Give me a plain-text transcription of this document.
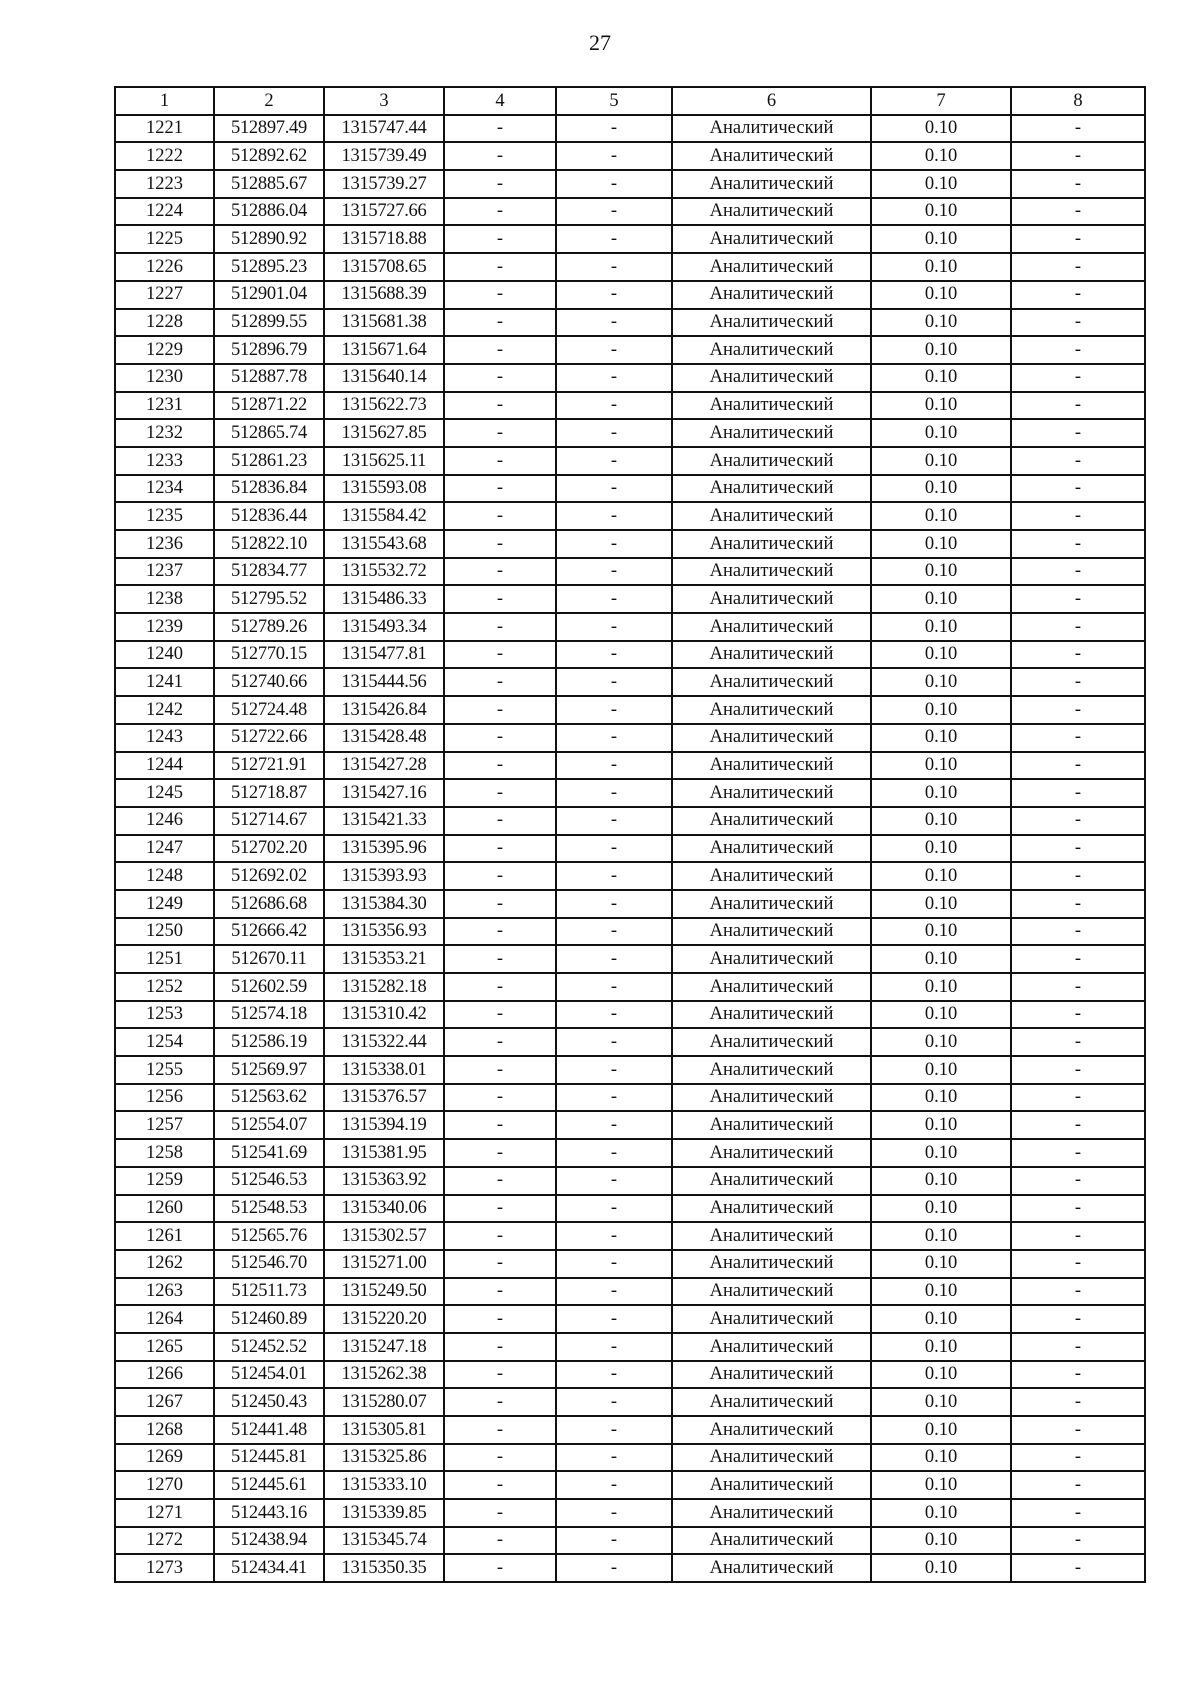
27
1	2	3	4	5	6	7	8
1221	512897.49	1315747.44	-	-	Аналитический	0.10	-
1222	512892.62	1315739.49	-	-	Аналитический	0.10	-
1223	512885.67	1315739.27	-	-	Аналитический	0.10	-
1224	512886.04	1315727.66	-	-	Аналитический	0.10	-
1225	512890.92	1315718.88	-	-	Аналитический	0.10	-
1226	512895.23	1315708.65	-	-	Аналитический	0.10	-
1227	512901.04	1315688.39	-	-	Аналитический	0.10	-
1228	512899.55	1315681.38	-	-	Аналитический	0.10	-
1229	512896.79	1315671.64	-	-	Аналитический	0.10	-
1230	512887.78	1315640.14	-	-	Аналитический	0.10	-
1231	512871.22	1315622.73	-	-	Аналитический	0.10	-
1232	512865.74	1315627.85	-	-	Аналитический	0.10	-
1233	512861.23	1315625.11	-	-	Аналитический	0.10	-
1234	512836.84	1315593.08	-	-	Аналитический	0.10	-
1235	512836.44	1315584.42	-	-	Аналитический	0.10	-
1236	512822.10	1315543.68	-	-	Аналитический	0.10	-
1237	512834.77	1315532.72	-	-	Аналитический	0.10	-
1238	512795.52	1315486.33	-	-	Аналитический	0.10	-
1239	512789.26	1315493.34	-	-	Аналитический	0.10	-
1240	512770.15	1315477.81	-	-	Аналитический	0.10	-
1241	512740.66	1315444.56	-	-	Аналитический	0.10	-
1242	512724.48	1315426.84	-	-	Аналитический	0.10	-
1243	512722.66	1315428.48	-	-	Аналитический	0.10	-
1244	512721.91	1315427.28	-	-	Аналитический	0.10	-
1245	512718.87	1315427.16	-	-	Аналитический	0.10	-
1246	512714.67	1315421.33	-	-	Аналитический	0.10	-
1247	512702.20	1315395.96	-	-	Аналитический	0.10	-
1248	512692.02	1315393.93	-	-	Аналитический	0.10	-
1249	512686.68	1315384.30	-	-	Аналитический	0.10	-
1250	512666.42	1315356.93	-	-	Аналитический	0.10	-
1251	512670.11	1315353.21	-	-	Аналитический	0.10	-
1252	512602.59	1315282.18	-	-	Аналитический	0.10	-
1253	512574.18	1315310.42	-	-	Аналитический	0.10	-
1254	512586.19	1315322.44	-	-	Аналитический	0.10	-
1255	512569.97	1315338.01	-	-	Аналитический	0.10	-
1256	512563.62	1315376.57	-	-	Аналитический	0.10	-
1257	512554.07	1315394.19	-	-	Аналитический	0.10	-
1258	512541.69	1315381.95	-	-	Аналитический	0.10	-
1259	512546.53	1315363.92	-	-	Аналитический	0.10	-
1260	512548.53	1315340.06	-	-	Аналитический	0.10	-
1261	512565.76	1315302.57	-	-	Аналитический	0.10	-
1262	512546.70	1315271.00	-	-	Аналитический	0.10	-
1263	512511.73	1315249.50	-	-	Аналитический	0.10	-
1264	512460.89	1315220.20	-	-	Аналитический	0.10	-
1265	512452.52	1315247.18	-	-	Аналитический	0.10	-
1266	512454.01	1315262.38	-	-	Аналитический	0.10	-
1267	512450.43	1315280.07	-	-	Аналитический	0.10	-
1268	512441.48	1315305.81	-	-	Аналитический	0.10	-
1269	512445.81	1315325.86	-	-	Аналитический	0.10	-
1270	512445.61	1315333.10	-	-	Аналитический	0.10	-
1271	512443.16	1315339.85	-	-	Аналитический	0.10	-
1272	512438.94	1315345.74	-	-	Аналитический	0.10	-
1273	512434.41	1315350.35	-	-	Аналитический	0.10	-
